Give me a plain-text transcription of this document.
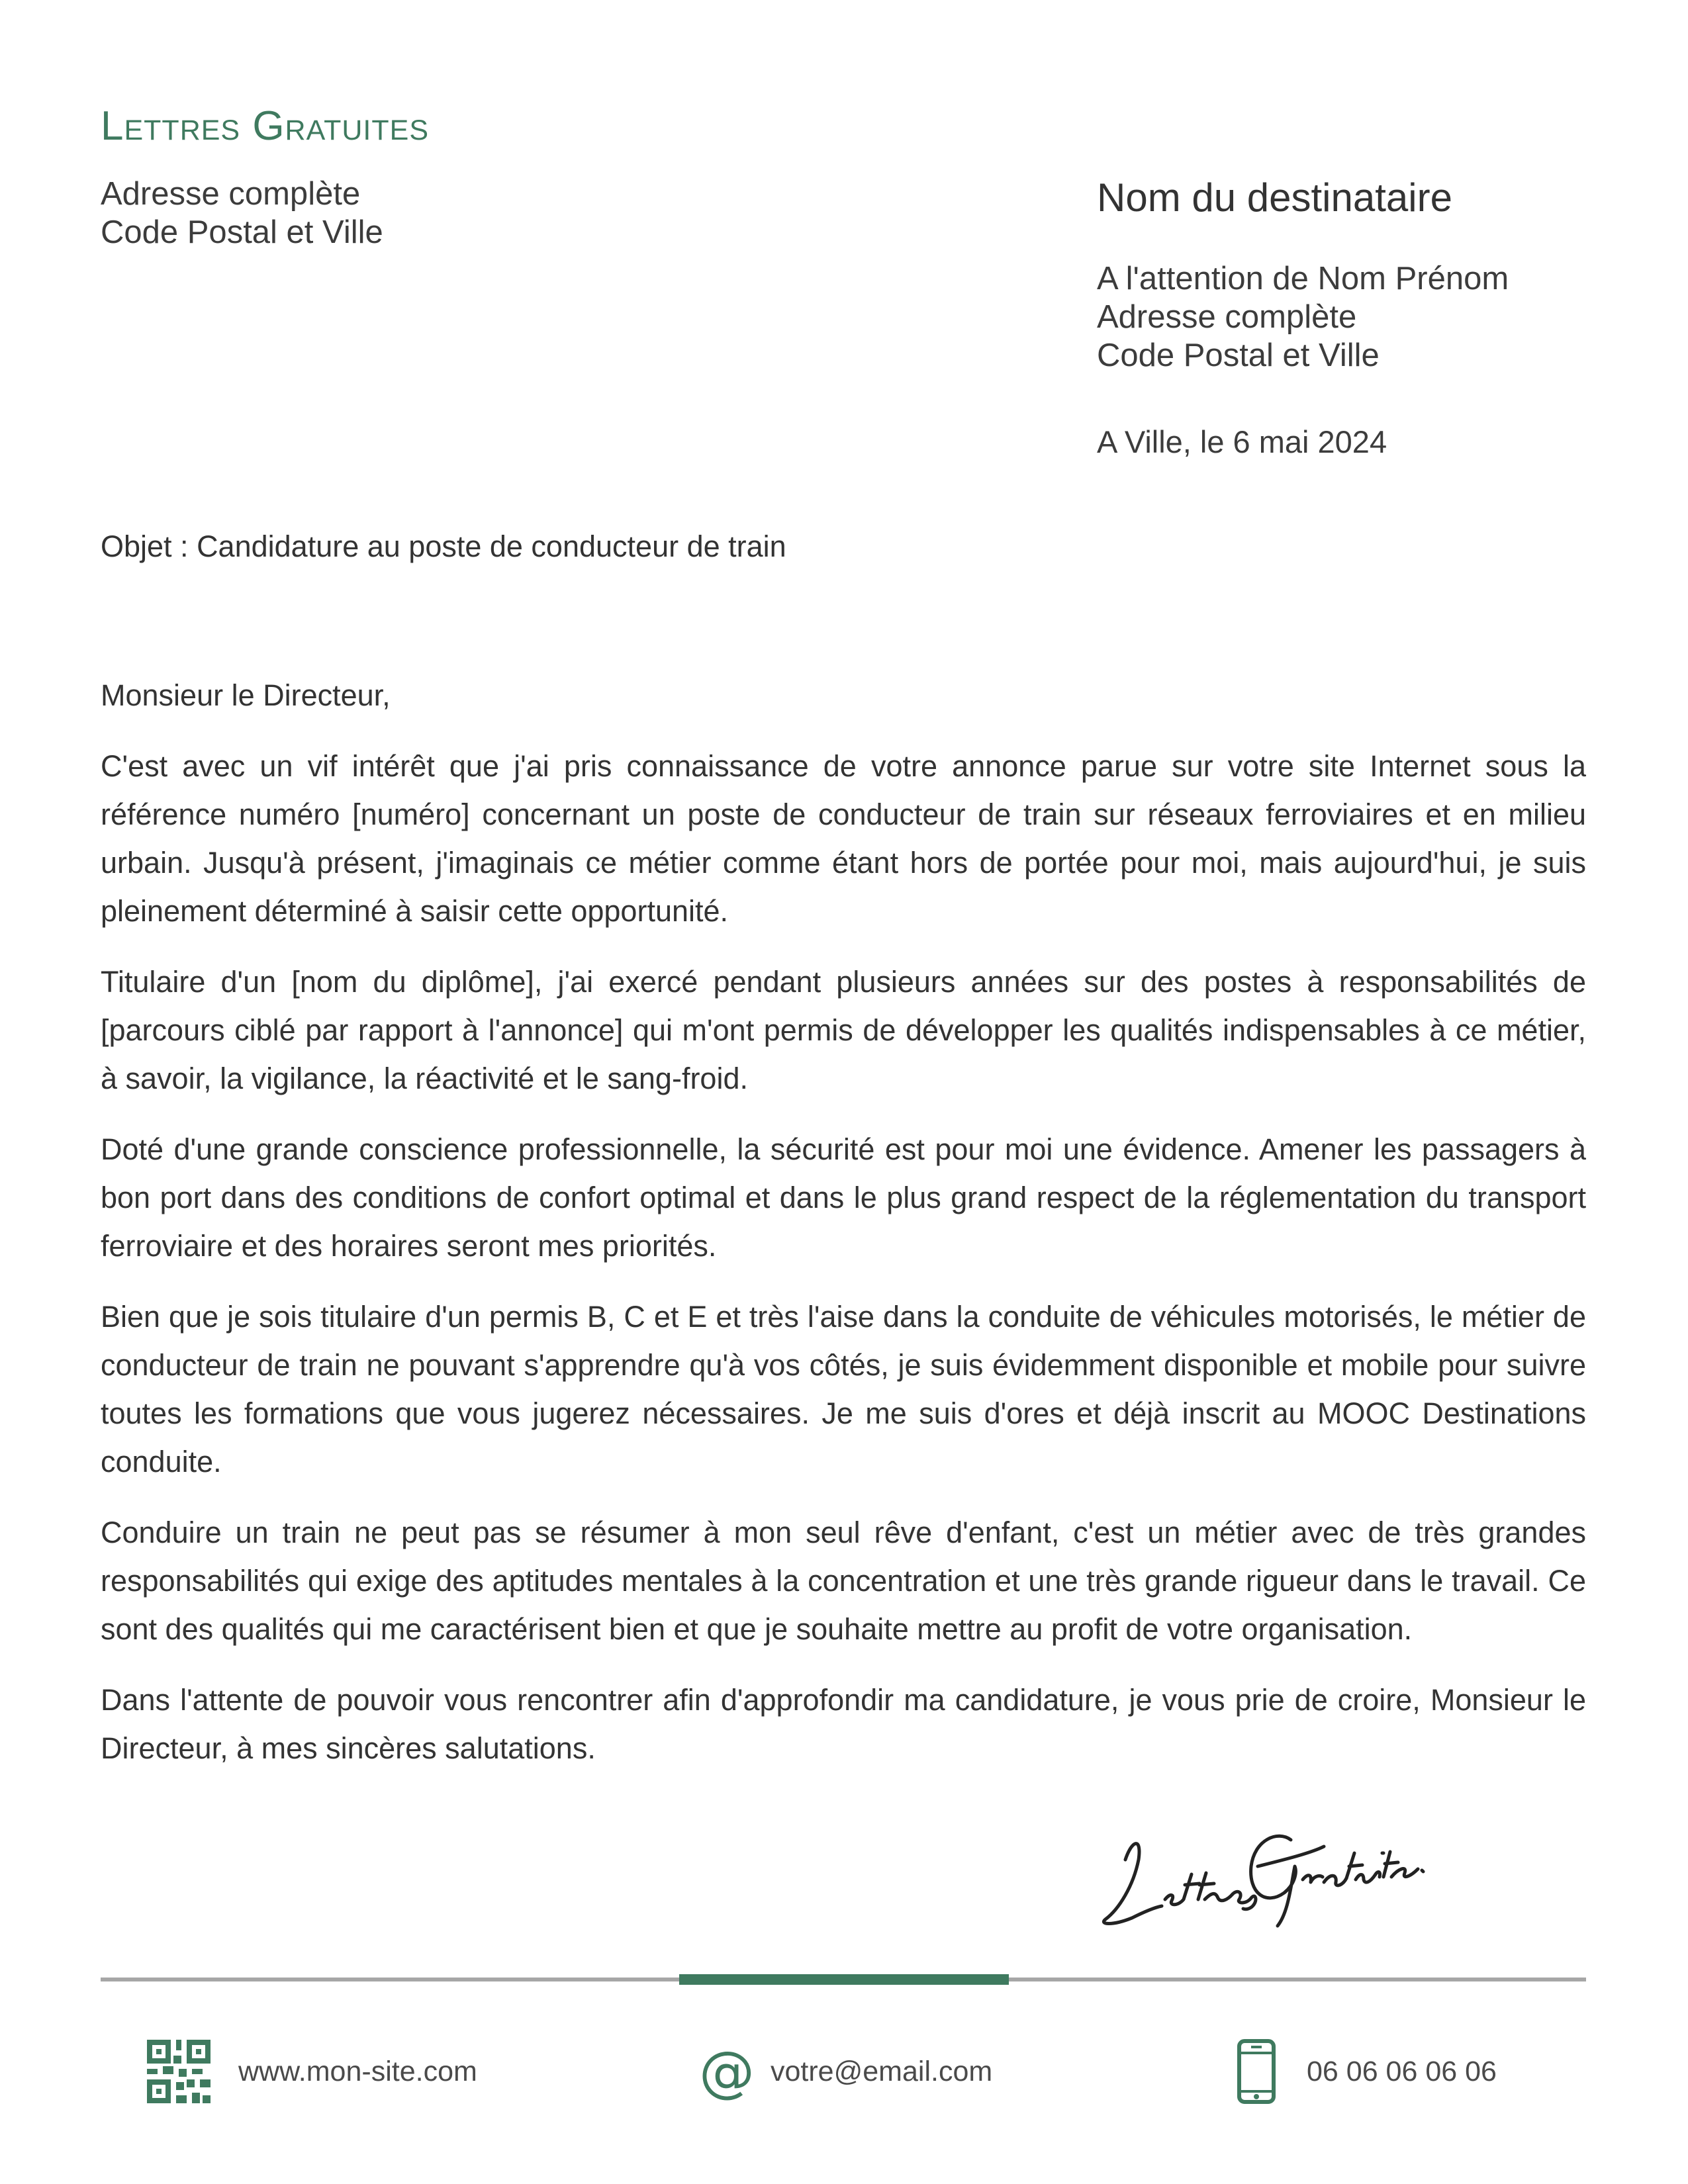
Lettres Gratuites
Adresse complète
Code Postal et Ville
Nom du destinataire
A l'attention de Nom Prénom
Adresse complète
Code Postal et Ville
A Ville, le 6 mai 2024
Objet : Candidature au poste de conducteur de train

Monsieur le Directeur,

C'est avec un vif intérêt que j'ai pris connaissance de votre annonce parue sur votre site Internet sous la référence numéro [numéro] concernant un poste de conducteur de train sur réseaux ferroviaires et en milieu urbain. Jusqu'à présent, j'imaginais ce métier comme étant hors de portée pour moi, mais aujourd'hui, je suis pleinement déterminé à saisir cette opportunité.

Titulaire d'un [nom du diplôme], j'ai exercé pendant plusieurs années sur des postes à responsabilités de [parcours ciblé par rapport à l'annonce] qui m'ont permis de développer les qualités indispensables à ce métier, à savoir, la vigilance, la réactivité et le sang-froid.

Doté d'une grande conscience professionnelle, la sécurité est pour moi une évidence. Amener les passagers à bon port dans des conditions de confort optimal et dans le plus grand respect de la réglementation du transport ferroviaire et des horaires seront mes priorités.

Bien que je sois titulaire d'un permis B, C et E et très l'aise dans la conduite de véhicules motorisés, le métier de conducteur de train ne pouvant s'apprendre qu'à vos côtés, je suis évidemment disponible et mobile pour suivre toutes les formations que vous jugerez nécessaires. Je me suis d'ores et déjà inscrit au MOOC Destinations conduite.

Conduire un train ne peut pas se résumer à mon seul rêve d'enfant, c'est un métier avec de très grandes responsabilités qui exige des aptitudes mentales à la concentration et une très grande rigueur dans le travail. Ce sont des qualités qui me caractérisent bien et que je souhaite mettre au profit de votre organisation.

Dans l'attente de pouvoir vous rencontrer afin d'approfondir ma candidature, je vous prie de croire, Monsieur le Directeur, à mes sincères salutations.

www.mon-site.com	@ votre@email.com	06 06 06 06 06
